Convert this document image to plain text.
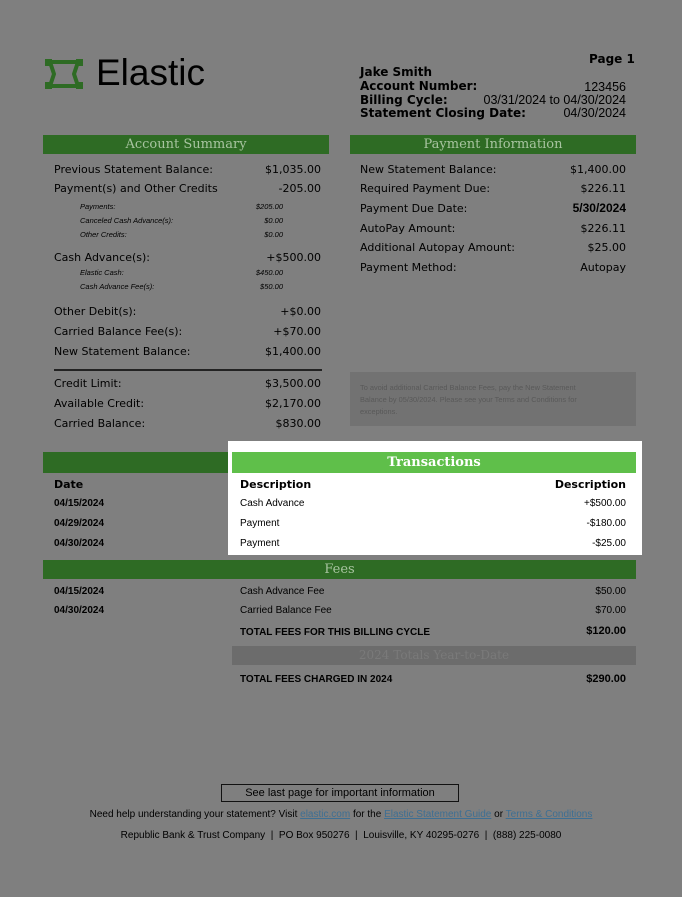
Elastic	Page 1
Jake Smith
Account Number:	123456
Billing Cycle:	03/31/2024 to 04/30/2024
Statement Closing Date:	04/30/2024
Account Summary
Previous Statement Balance:	$1,035.00
Payment(s) and Other Credits	-205.00
Payments:	$205.00
Canceled Cash Advance(s):	$0.00
Other Credits:	$0.00
Cash Advance(s):	+$500.00
Elastic Cash:	$450.00
Cash Advance Fee(s):	$50.00
Other Debit(s):	+$0.00
Carried Balance Fee(s):	+$70.00
New Statement Balance:	$1,400.00
Credit Limit:	$3,500.00
Available Credit:	$2,170.00
Carried Balance:	$830.00
Payment Information
New Statement Balance:	$1,400.00
Required Payment Due:	$226.11
Payment Due Date:	5/30/2024
AutoPay Amount:	$226.11
Additional Autopay Amount:	$25.00
Payment Method:	Autopay
To avoid additional Carried Balance Fees, pay the New Statement Balance by 05/30/2024. Please see your Terms and Conditions for exceptions.
Transactions
Date	Description	Description
04/15/2024	Cash Advance	+$500.00
04/29/2024	Payment	-$180.00
04/30/2024	Payment	-$25.00
Fees
04/15/2024	Cash Advance Fee	$50.00
04/30/2024	Carried Balance Fee	$70.00
TOTAL FEES FOR THIS BILLING CYCLE	$120.00
2024 Totals Year-to-Date
TOTAL FEES CHARGED IN 2024	$290.00
See last page for important information
Need help understanding your statement? Visit elastic.com for the Elastic Statement Guide or Terms & Conditions
Republic Bank & Trust Company  |  PO Box 950276  |  Louisville, KY 40295-0276  |  (888) 225-0080
